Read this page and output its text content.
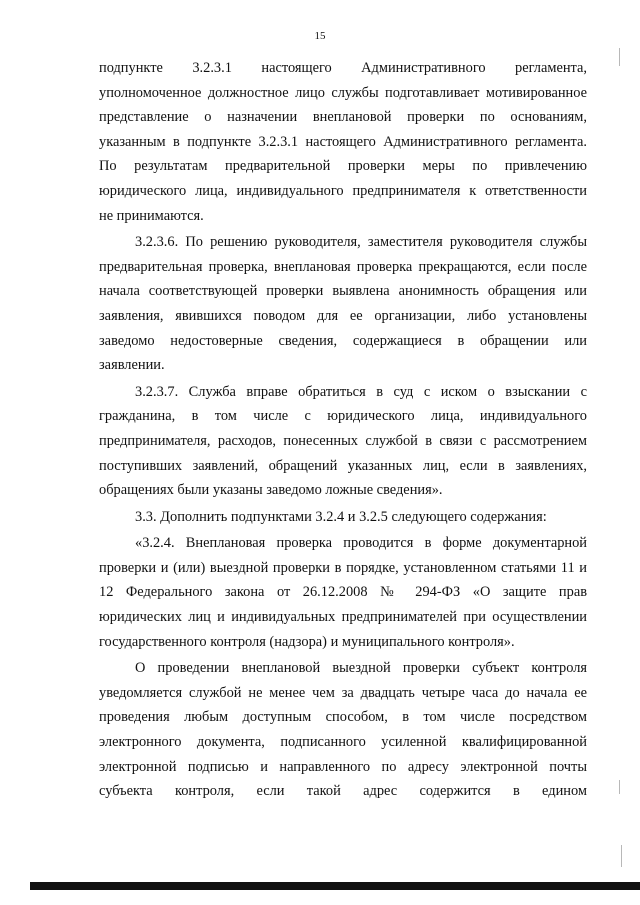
15
подпункте 3.2.3.1 настоящего Административного регламента,
уполномоченное должностное лицо службы подготавливает мотивированное
представление о назначении внеплановой проверки по основаниям,
указанным в подпункте 3.2.3.1 настоящего Административного регламента.
По результатам предварительной проверки меры по привлечению
юридического лица, индивидуального предпринимателя к ответственности
не принимаются.
3.2.3.6. По решению руководителя, заместителя руководителя службы
предварительная проверка, внеплановая проверка прекращаются, если после
начала соответствующей проверки выявлена анонимность обращения или
заявления, явившихся поводом для ее организации, либо установлены
заведомо недостоверные сведения, содержащиеся в обращении или
заявлении.
3.2.3.7. Служба вправе обратиться в суд с иском о взыскании с
гражданина, в том числе с юридического лица, индивидуального
предпринимателя, расходов, понесенных службой в связи с рассмотрением
поступивших заявлений, обращений указанных лиц, если в заявлениях,
обращениях были указаны заведомо ложные сведения».
3.3. Дополнить подпунктами 3.2.4 и 3.2.5 следующего содержания:
«3.2.4. Внеплановая проверка проводится в форме документарной
проверки и (или) выездной проверки в порядке, установленном статьями 11 и
12 Федерального закона от 26.12.2008 № 294-ФЗ «О защите прав
юридических лиц и индивидуальных предпринимателей при осуществлении
государственного контроля (надзора) и муниципального контроля».
О проведении внеплановой выездной проверки субъект контроля
уведомляется службой не менее чем за двадцать четыре часа до начала ее
проведения любым доступным способом, в том числе посредством
электронного документа, подписанного усиленной квалифицированной
электронной подписью и направленного по адресу электронной почты
субъекта контроля, если такой адрес содержится в едином
